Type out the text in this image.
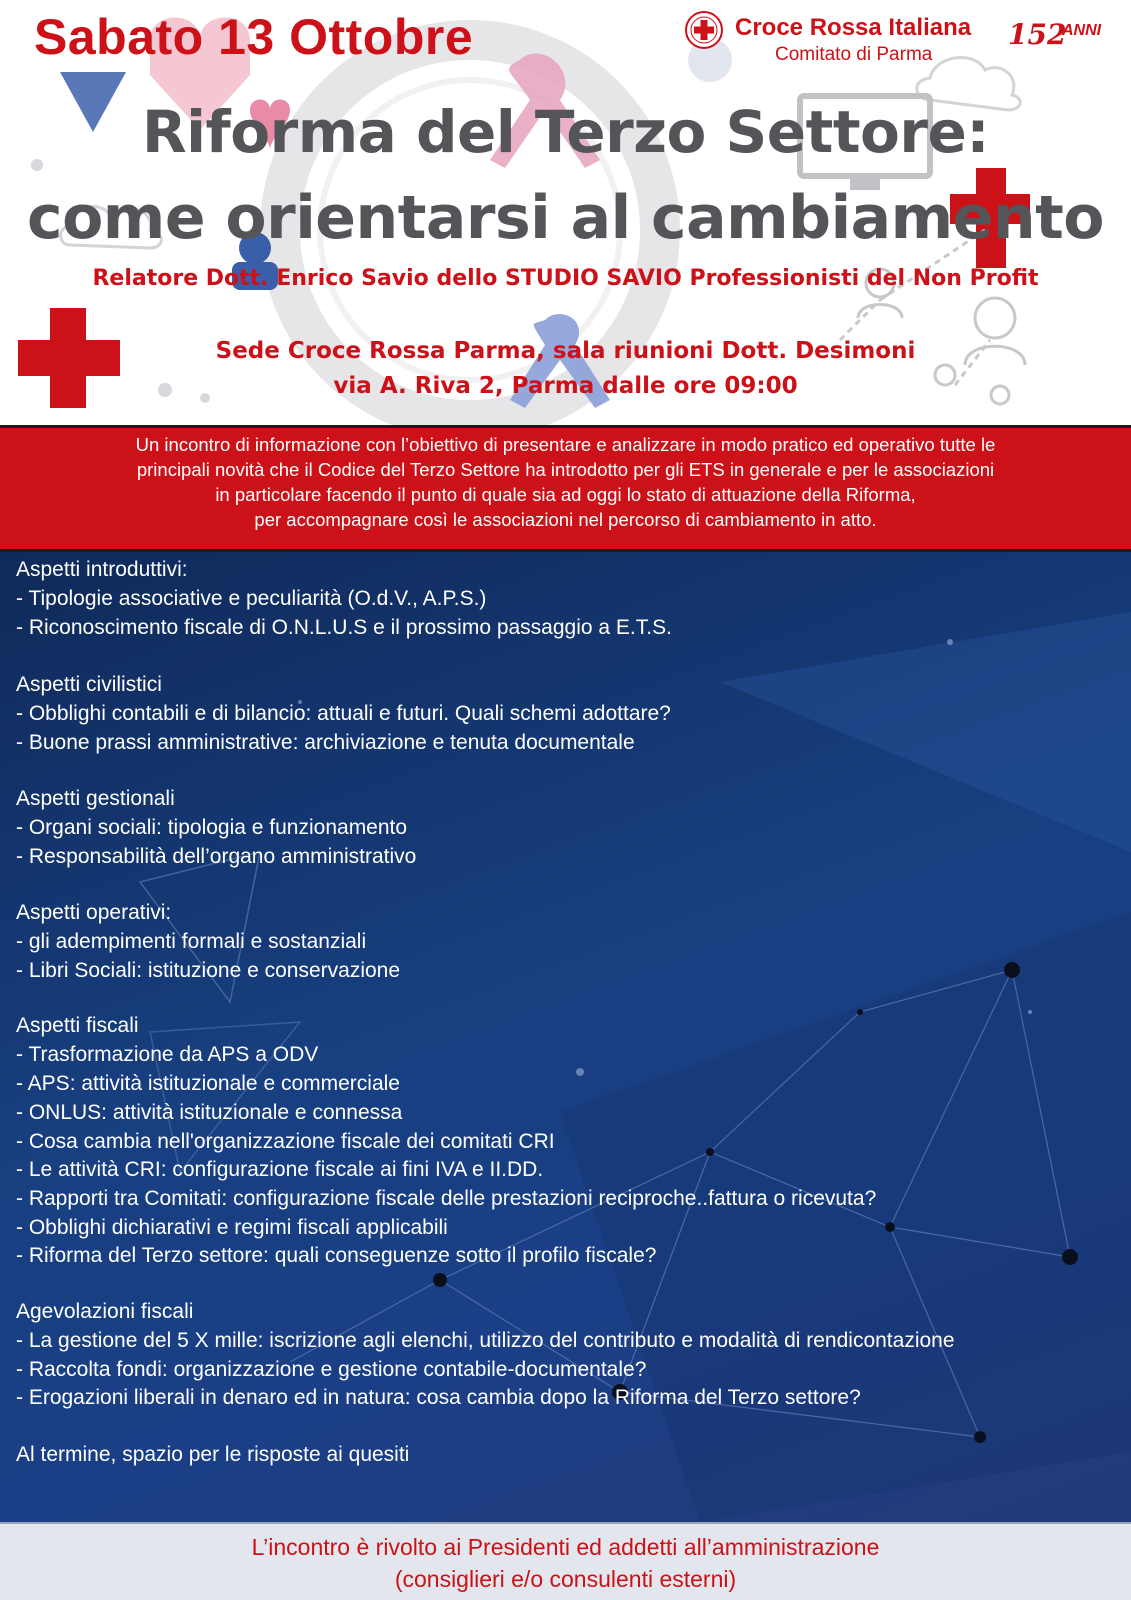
Sabato 13 Ottobre	Croce Rossa Italiana
Comitato di Parma
152
ANNI
Riforma del Terzo Settore:
come orientarsi al cambiamento
Relatore Dott. Enrico Savio dello STUDIO SAVIO Professionisti del Non Profit
Sede Croce Rossa Parma, sala riunioni Dott. Desimoni
via A. Riva 2, Parma dalle ore 09:00
Un incontro di informazione con l’obiettivo di presentare e analizzare in modo pratico ed operativo tutte le
principali novità che il Codice del Terzo Settore ha introdotto per gli ETS in generale e per le associazioni
in particolare facendo il punto di quale sia ad oggi lo stato di attuazione della Riforma,
per accompagnare così le associazioni nel percorso di cambiamento in atto.
Aspetti introduttivi:
- Tipologie associative e peculiarità (O.d.V., A.P.S.)
- Riconoscimento fiscale di O.N.L.U.S e il prossimo passaggio a E.T.S.
Aspetti civilistici
- Obblighi contabili e di bilancio: attuali e futuri. Quali schemi adottare?
- Buone prassi amministrative: archiviazione e tenuta documentale
Aspetti gestionali
- Organi sociali: tipologia e funzionamento
- Responsabilità dell’organo amministrativo
Aspetti operativi:
- gli adempimenti formali e sostanziali
- Libri Sociali: istituzione e conservazione
Aspetti fiscali
- Trasformazione da APS a ODV
- APS: attività istituzionale e commerciale
- ONLUS: attività istituzionale e connessa
- Cosa cambia nell'organizzazione fiscale dei comitati CRI
- Le attività CRI: configurazione fiscale ai fini IVA e II.DD.
- Rapporti tra Comitati: configurazione fiscale delle prestazioni reciproche..fattura o ricevuta?
- Obblighi dichiarativi e regimi fiscali applicabili
- Riforma del Terzo settore: quali conseguenze sotto il profilo fiscale?
Agevolazioni fiscali
- La gestione del 5 X mille: iscrizione agli elenchi, utilizzo del contributo e modalità di rendicontazione
- Raccolta fondi: organizzazione e gestione contabile-documentale?
- Erogazioni liberali in denaro ed in natura: cosa cambia dopo la Riforma del Terzo settore?
Al termine, spazio per le risposte ai quesiti
L’incontro è rivolto ai Presidenti ed addetti all’amministrazione
(consiglieri e/o consulenti esterni)
